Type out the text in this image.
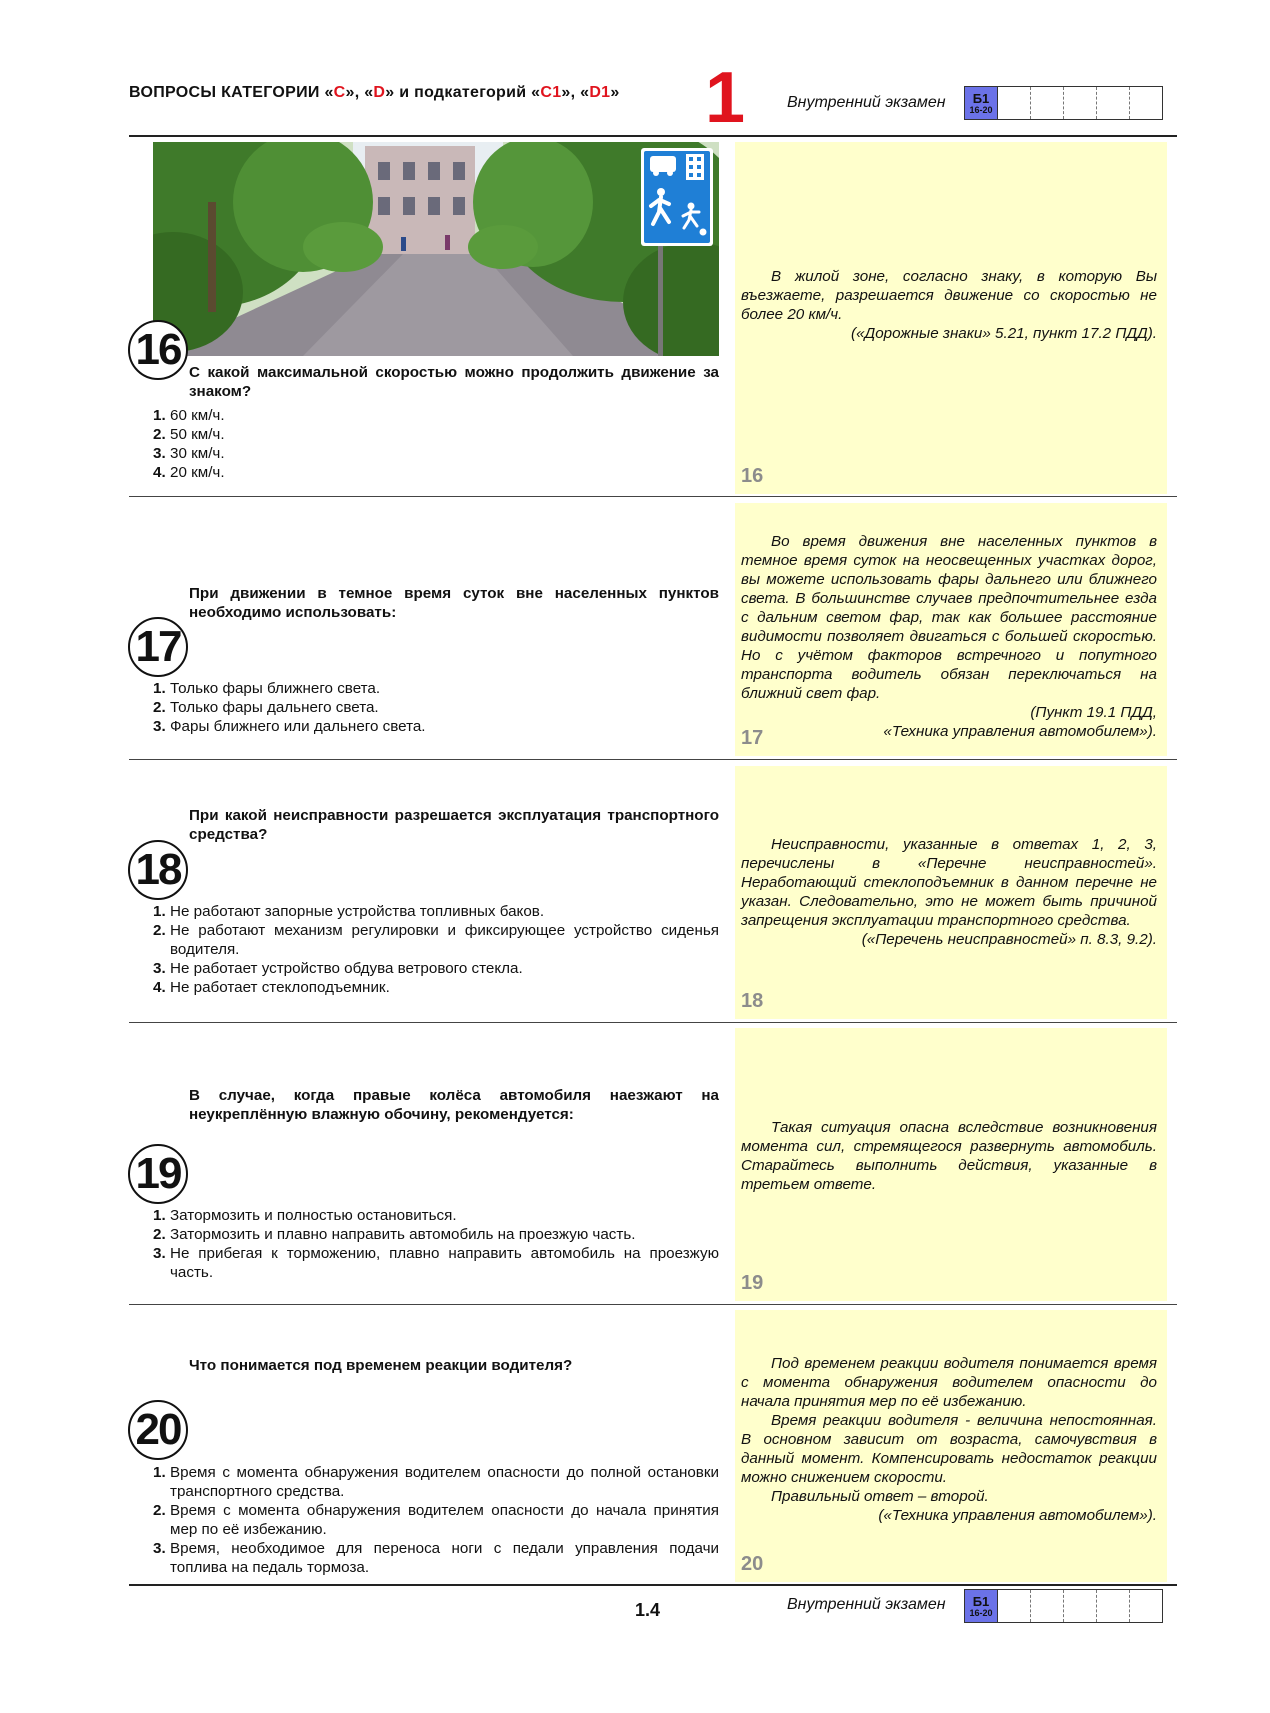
ВОПРОСЫ КАТЕГОРИИ «C», «D» и подкатегорий «C1», «D1» 1	Внутренний экзамен Б1
16-20

В жилой зоне, согласно знаку, в которую Вы въезжаете, разрешается движение со скоростью не более 20 км/ч.

(«Дорожные знаки» 5.21, пункт 17.2 ПДД).

16

Во время движения вне населенных пунктов в темное время суток на неосвещенных участках дорог, вы можете использовать фары дальнего или ближнего света. В большинстве случаев предпочтительнее езда с дальним светом фар, так как большее расстояние видимости позволяет двигаться с большей скоростью. Но с учётом факторов встречного и попутного транспорта водитель обязан переключаться на ближний свет фар.

(Пункт 19.1 ПДД,

«Техника управления автомобилем»).

17

Неисправности, указанные в ответах 1, 2, 3, перечислены в «Перечне неисправностей». Неработающий стеклоподъемник в данном перечне не указан. Следовательно, это не может быть причиной запрещения эксплуатации транспортного средства.

(«Перечень неисправностей» п. 8.3, 9.2).

18

Такая ситуация опасна вследствие возникновения момента сил, стремящегося развернуть автомобиль. Старайтесь выполнить действия, указанные в третьем ответе.

19

Под временем реакции водителя понимается время с момента обнаружения водителем опасности до начала принятия мер по её избежанию.

Время реакции водителя - величина непостоянная. В основном зависит от возраста, самочувствия в данный момент. Компенсировать недостаток реакции можно снижением скорости.

Правильный ответ – второй.

(«Техника управления автомобилем»).

20
16 С какой максимальной скоростью можно продолжить движение за знаком?
1. 60 км/ч.
2. 50 км/ч.
3. 30 км/ч.
4. 20 км/ч.
При движении в темное время суток вне населенных пунктов необходимо использовать:
17
1. Только фары ближнего света.
2. Только фары дальнего света.
3. Фары ближнего или дальнего света.
При какой неисправности разрешается эксплуатация транспортного средства?
18
1. Не работают запорные устройства топливных баков.
2. Не работают механизм регулировки и фиксирующее устройство сиденья водителя.
3. Не работает устройство обдува ветрового стекла.
4. Не работает стеклоподъемник.
В случае, когда правые колёса автомобиля наезжают на неукреплённую влажную обочину, рекомендуется:
19
1. Затормозить и полностью остановиться.
2. Затормозить и плавно направить автомобиль на проезжую часть.
3. Не прибегая к торможению, плавно направить автомобиль на проезжую часть.
Что понимается под временем реакции водителя?
20
1. Время с момента обнаружения водителем опасности до полной остановки транспортного средства.
2. Время с момента обнаружения водителем опасности до начала принятия мер по её избежанию.
3. Время, необходимое для переноса ноги с педали управления подачи топлива на педаль тормоза.
1.4	Внутренний экзамен Б1
16-20
